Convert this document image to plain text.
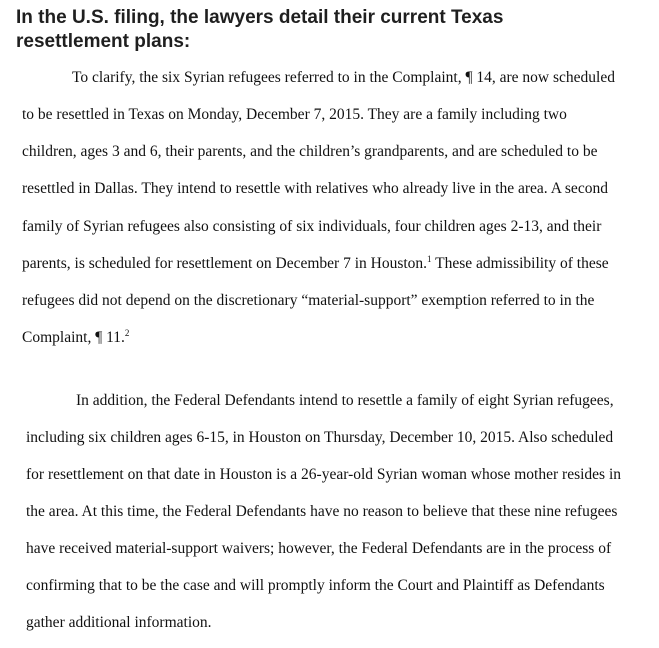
In the U.S. filing, the lawyers detail their current Texas
resettlement plans:
To clarify, the six Syrian refugees referred to in the Complaint, ¶ 14, are now scheduled
to be resettled in Texas on Monday, December 7, 2015. They are a family including two
children, ages 3 and 6, their parents, and the children’s grandparents, and are scheduled to be
resettled in Dallas. They intend to resettle with relatives who already live in the area. A second
family of Syrian refugees also consisting of six individuals, four children ages 2-13, and their
parents, is scheduled for resettlement on December 7 in Houston.$^1$ These admissibility of these
refugees did not depend on the discretionary “material-support” exemption referred to in the
Complaint, ¶ 11.$^2$
In addition, the Federal Defendants intend to resettle a family of eight Syrian refugees,
including six children ages 6-15, in Houston on Thursday, December 10, 2015. Also scheduled
for resettlement on that date in Houston is a 26-year-old Syrian woman whose mother resides in
the area. At this time, the Federal Defendants have no reason to believe that these nine refugees
have received material-support waivers; however, the Federal Defendants are in the process of
confirming that to be the case and will promptly inform the Court and Plaintiff as Defendants
gather additional information.
